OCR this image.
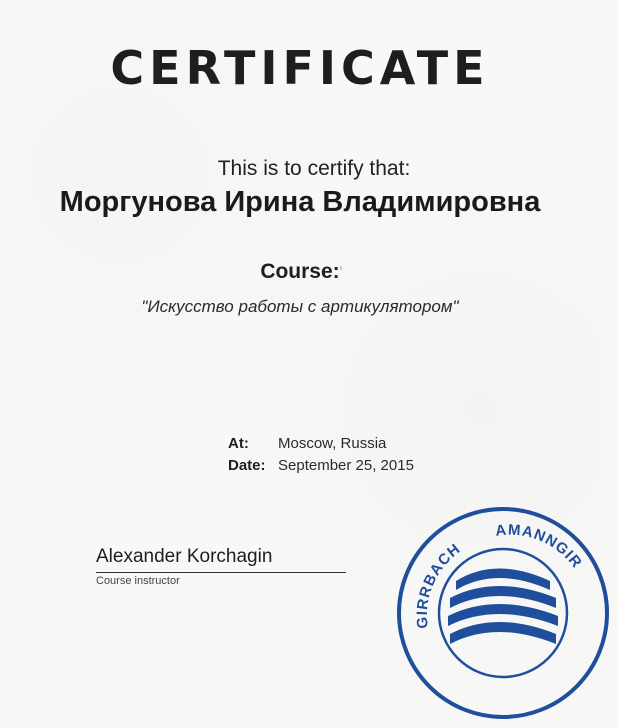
CERTIFICATE
This is to certify that:
Моргунова Ирина Владимировна
Course:
"Искусство работы с артикулятором"
At:	Moscow, Russia
Date: September 25, 2015
Alexander Korchagin
Course instructor
GIRRBACH
AMANNGIR
